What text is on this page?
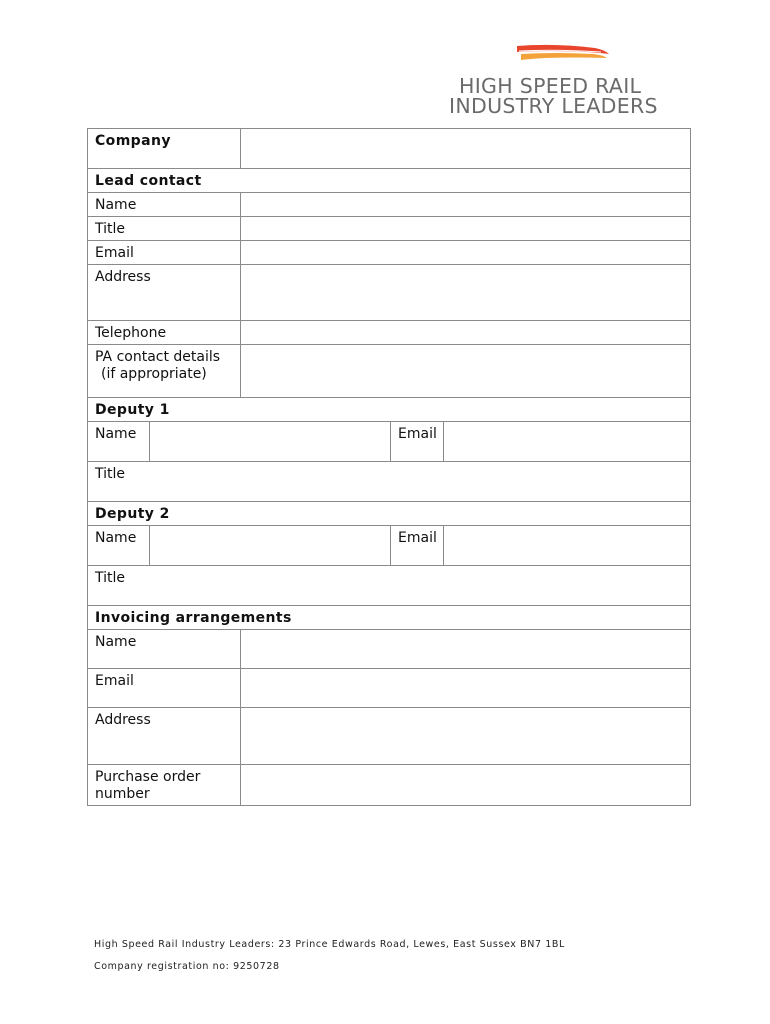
HIGH SPEED RAIL
INDUSTRY LEADERS
Company				
Lead contact				
Name				
Title				
Email				
Address				
Telephone				

PA contact details
(if appropriate)				

Deputy 1				
Name			Email	
Title				
Deputy 2				
Name			Email	
Title				
Invoicing arrangements				
Name				
Email				
Address				

Purchase order
number				

High Speed Rail Industry Leaders: 23 Prince Edwards Road, Lewes, East Sussex BN7 1BL
Company registration no: 9250728
